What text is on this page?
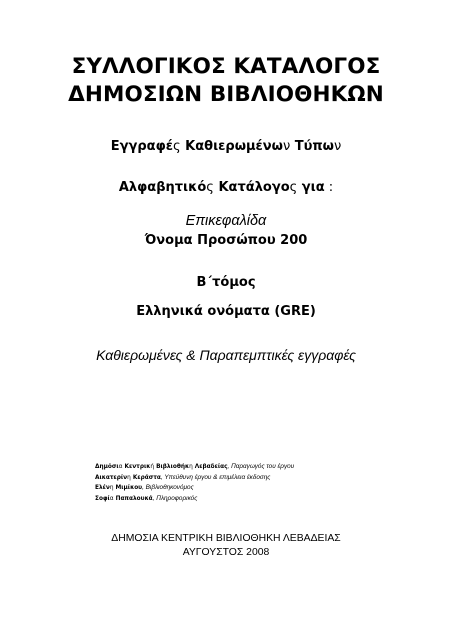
ΣΥΛΛΟΓΙΚΟΣ ΚΑΤΑΛΟΓΟΣ
ΔΗΜΟΣΙΩΝ ΒΙΒΛΙΟΘΗΚΩΝ
Εγγραφές Καθιερωμένων Τύπων
Αλφαβητικός Κατάλογος για :
Επικεφαλίδα
Όνομα Προσώπου 200
Β΄τόμος
Ελληνικά ονόματα (GRE)
Καθιερωμένες & Παραπεμπτικές εγγραφές
Δημόσια Κεντρική Βιβλιοθήκη Λεβαδείας, Παραγωγός του έργου
Αικατερίνη Κεράστα, Υπεύθυνη έργου & επιμέλεια έκδοσης
Ελένη Μιμίκου, Βιβλιοθηκονόμος
Σοφία Παπαλουκά, Πληροφορικός
ΔΗΜΟΣΙΑ ΚΕΝΤΡΙΚΗ ΒΙΒΛΙΟΘΗΚΗ ΛΕΒΑΔΕΙΑΣ
ΑΥΓΟΥΣΤΟΣ 2008
